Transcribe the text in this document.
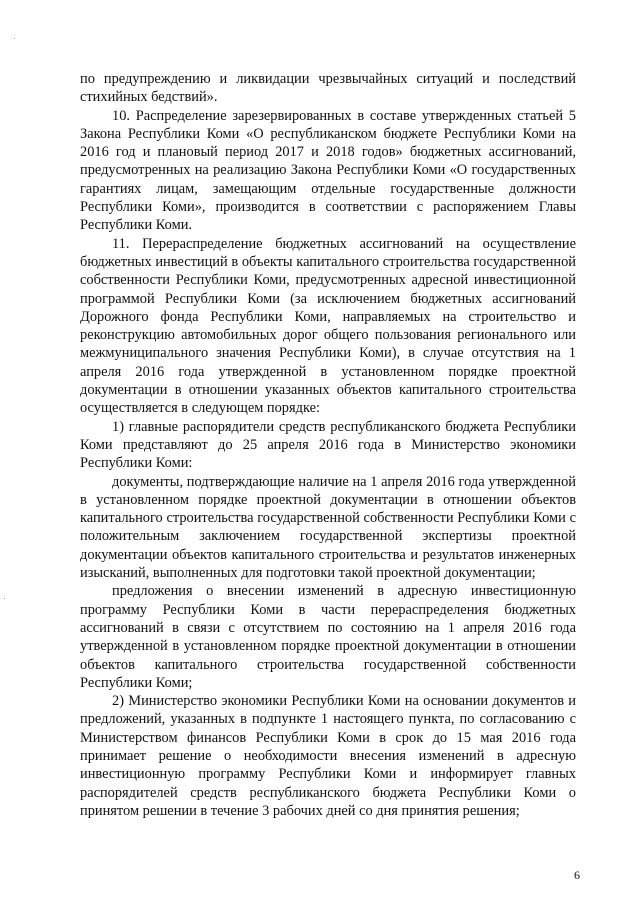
по предупреждению и ликвидации чрезвычайных ситуаций и последствий стихийных бедствий».

10. Распределение зарезервированных в составе утвержденных статьей 5 Закона Республики Коми «О республиканском бюджете Республики Коми на 2016 год и плановый период 2017 и 2018 годов» бюджетных ассигнований, предусмотренных на реализацию Закона Республики Коми «О государственных гарантиях лицам, замещающим отдельные государственные должности Республики Коми», производится в соответствии с распоряжением Главы Республики Коми.

11. Перераспределение бюджетных ассигнований на осуществление бюджетных инвестиций в объекты капитального строительства государственной собственности Республики Коми, предусмотренных адресной инвестиционной программой Республики Коми (за исключением бюджетных ассигнований Дорожного фонда Республики Коми, направляемых на строительство и реконструкцию автомобильных дорог общего пользования регионального или межмуниципального значения Республики Коми), в случае отсутствия на 1 апреля 2016 года утвержденной в установленном порядке проектной документации в отношении указанных объектов капитального строительства осуществляется в следующем порядке:

1) главные распорядители средств республиканского бюджета Республики Коми представляют до 25 апреля 2016 года в Министерство экономики Республики Коми:

документы, подтверждающие наличие на 1 апреля 2016 года утвержденной в установленном порядке проектной документации в отношении объектов капитального строительства государственной собственности Республики Коми с положительным заключением государственной экспертизы проектной документации объектов капитального строительства и результатов инженерных изысканий, выполненных для подготовки такой проектной документации;

предложения о внесении изменений в адресную инвестиционную программу Республики Коми в части перераспределения бюджетных ассигнований в связи с отсутствием по состоянию на 1 апреля 2016 года утвержденной в установленном порядке проектной документации в отношении объектов капитального строительства государственной собственности Республики Коми;

2) Министерство экономики Республики Коми на основании документов и предложений, указанных в подпункте 1 настоящего пункта, по согласованию с Министерством финансов Республики Коми в срок до 15 мая 2016 года принимает решение о необходимости внесения изменений в адресную инвестиционную программу Республики Коми и информирует главных распорядителей средств республиканского бюджета Республики Коми о принятом решении в течение 3 рабочих дней со дня принятия решения;

6
